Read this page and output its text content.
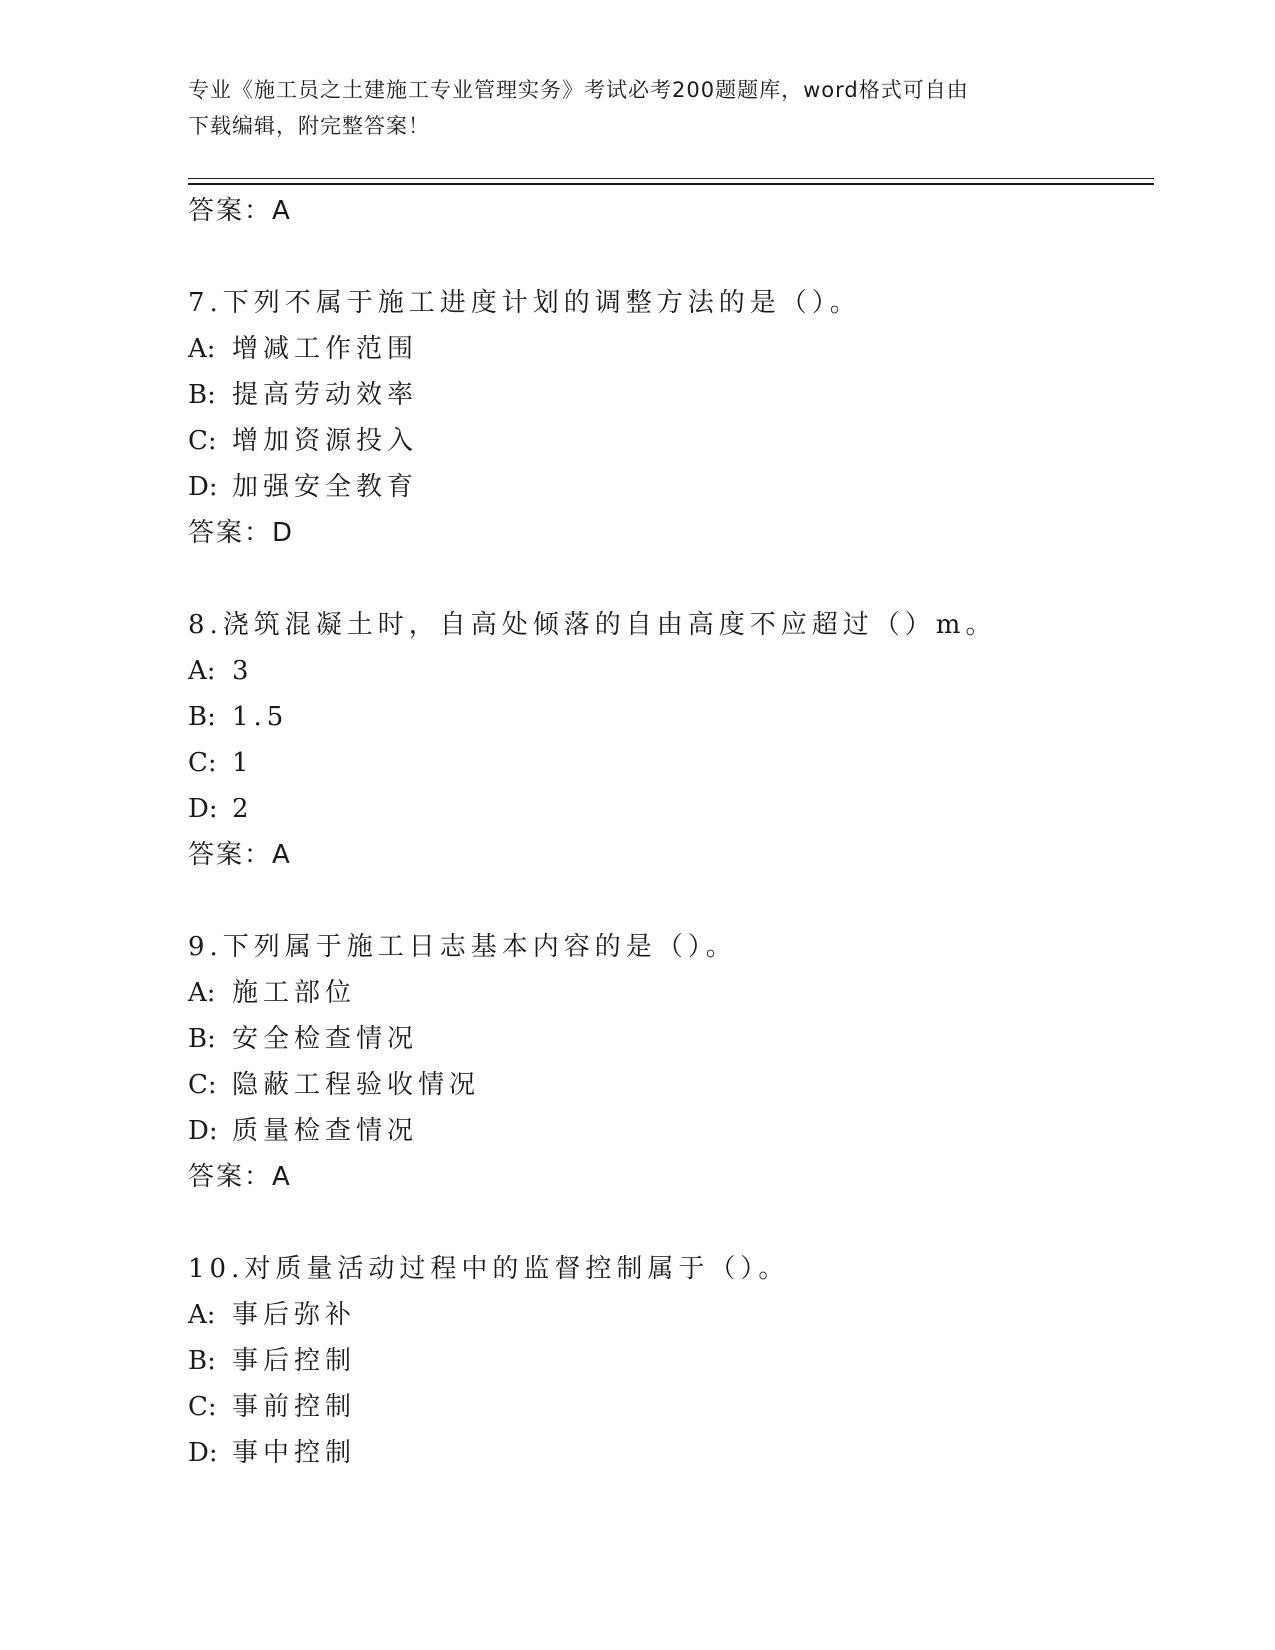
专业《施工员之土建施工专业管理实务》考试必考200题题库，word格式可自由
下载编辑，附完整答案！
答案：A
7.下列不属于施工进度计划的调整方法的是（）。
A: 增减工作范围
B: 提高劳动效率
C: 增加资源投入
D: 加强安全教育
答案：D
8.浇筑混凝土时，自高处倾落的自由高度不应超过（）m。
A: 3
B: 1.5
C: 1
D: 2
答案：A
9.下列属于施工日志基本内容的是（）。
A: 施工部位
B: 安全检查情况
C: 隐蔽工程验收情况
D: 质量检查情况
答案：A
10.对质量活动过程中的监督控制属于（）。
A: 事后弥补
B: 事后控制
C: 事前控制
D: 事中控制
